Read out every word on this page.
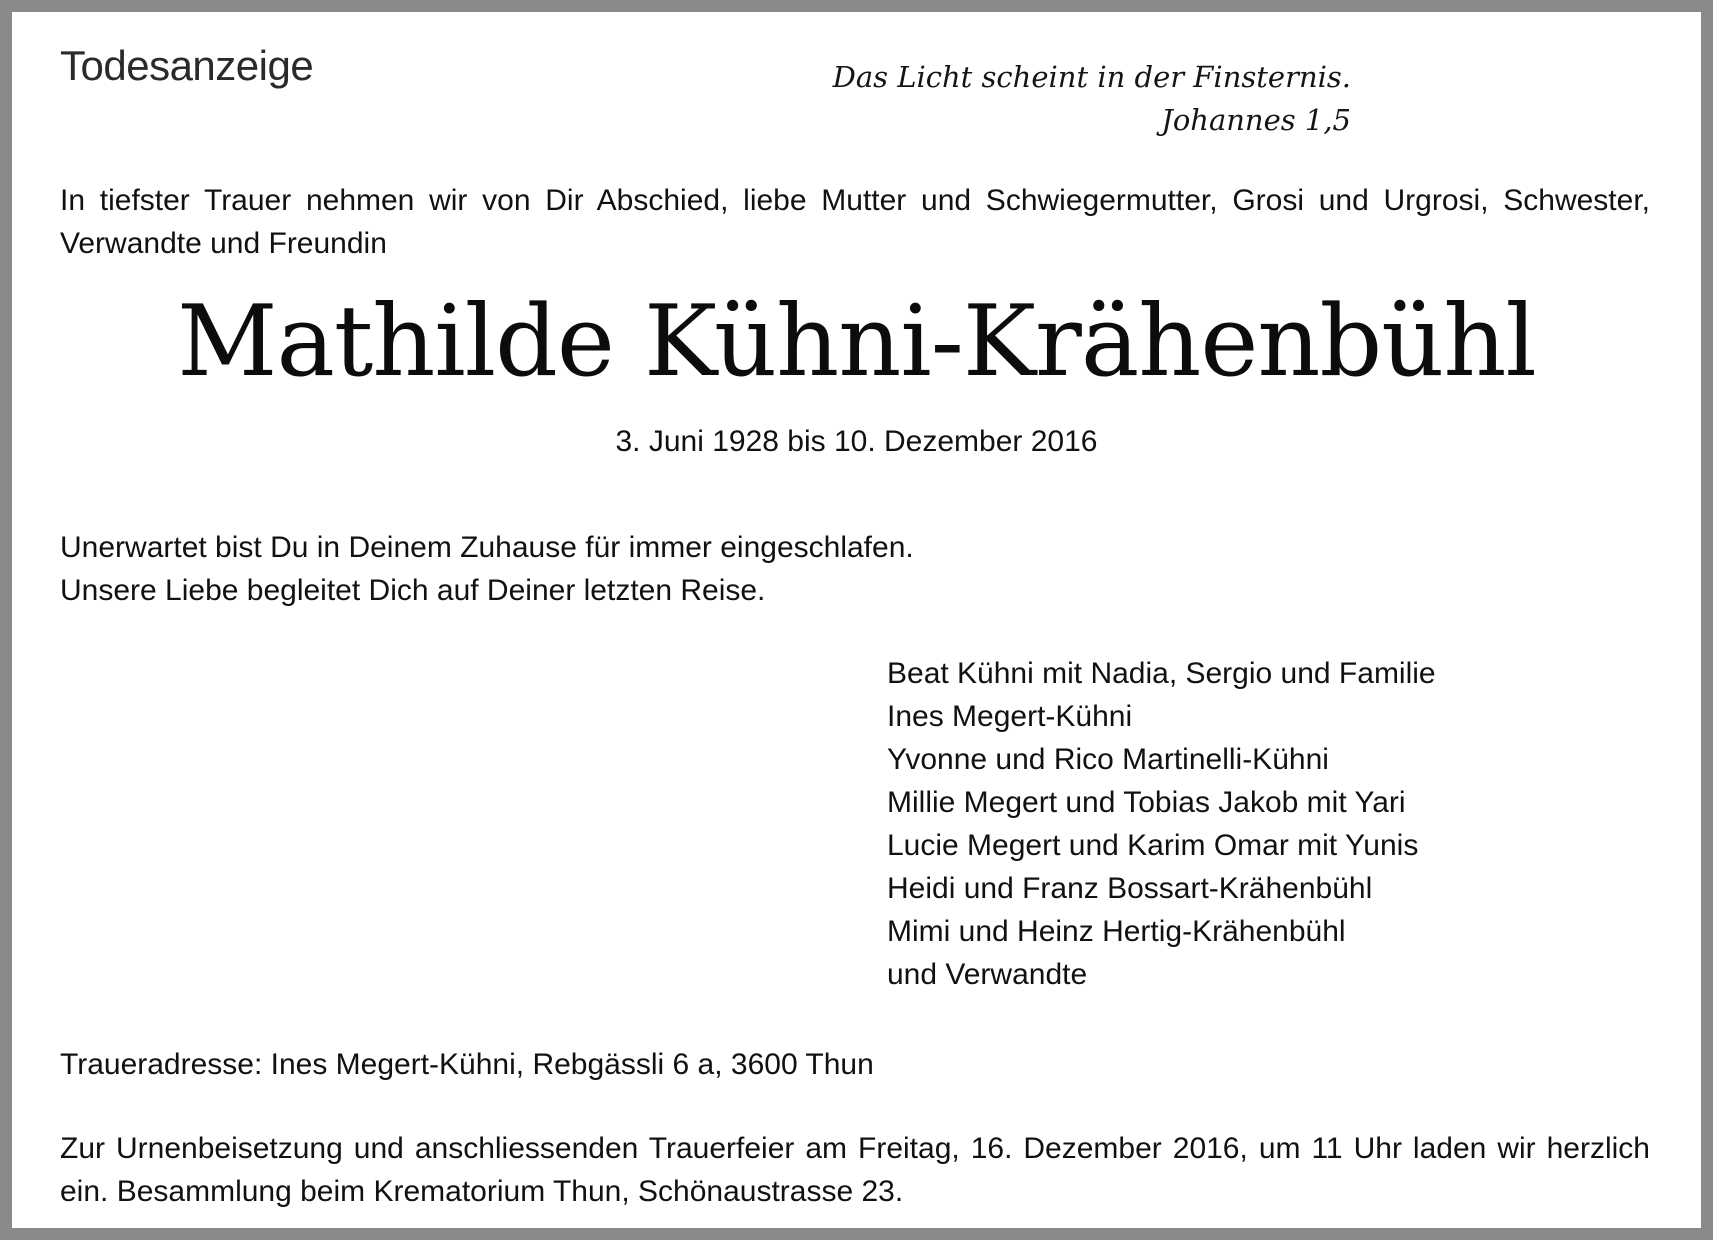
Todesanzeige	Das Licht scheint in der Finsternis.
Johannes 1,5
In tiefster Trauer nehmen wir von Dir Abschied, liebe Mutter und Schwiegermutter, Grosi und Urgrosi, Schwester, Verwandte und Freundin
Mathilde Kühni-Krähenbühl
3. Juni 1928 bis 10. Dezember 2016
Unerwartet bist Du in Deinem Zuhause für immer eingeschlafen.
Unsere Liebe begleitet Dich auf Deiner letzten Reise.
Beat Kühni mit Nadia, Sergio und Familie
Ines Megert-Kühni
Yvonne und Rico Martinelli-Kühni
Millie Megert und Tobias Jakob mit Yari
Lucie Megert und Karim Omar mit Yunis
Heidi und Franz Bossart-Krähenbühl
Mimi und Heinz Hertig-Krähenbühl
und Verwandte
Traueradresse: Ines Megert-Kühni, Rebgässli 6 a, 3600 Thun
Zur Urnenbeisetzung und anschliessenden Trauerfeier am Freitag, 16. Dezember 2016, um 11 Uhr laden wir herzlich ein. Besammlung beim Krematorium Thun, Schönaustrasse 23.
